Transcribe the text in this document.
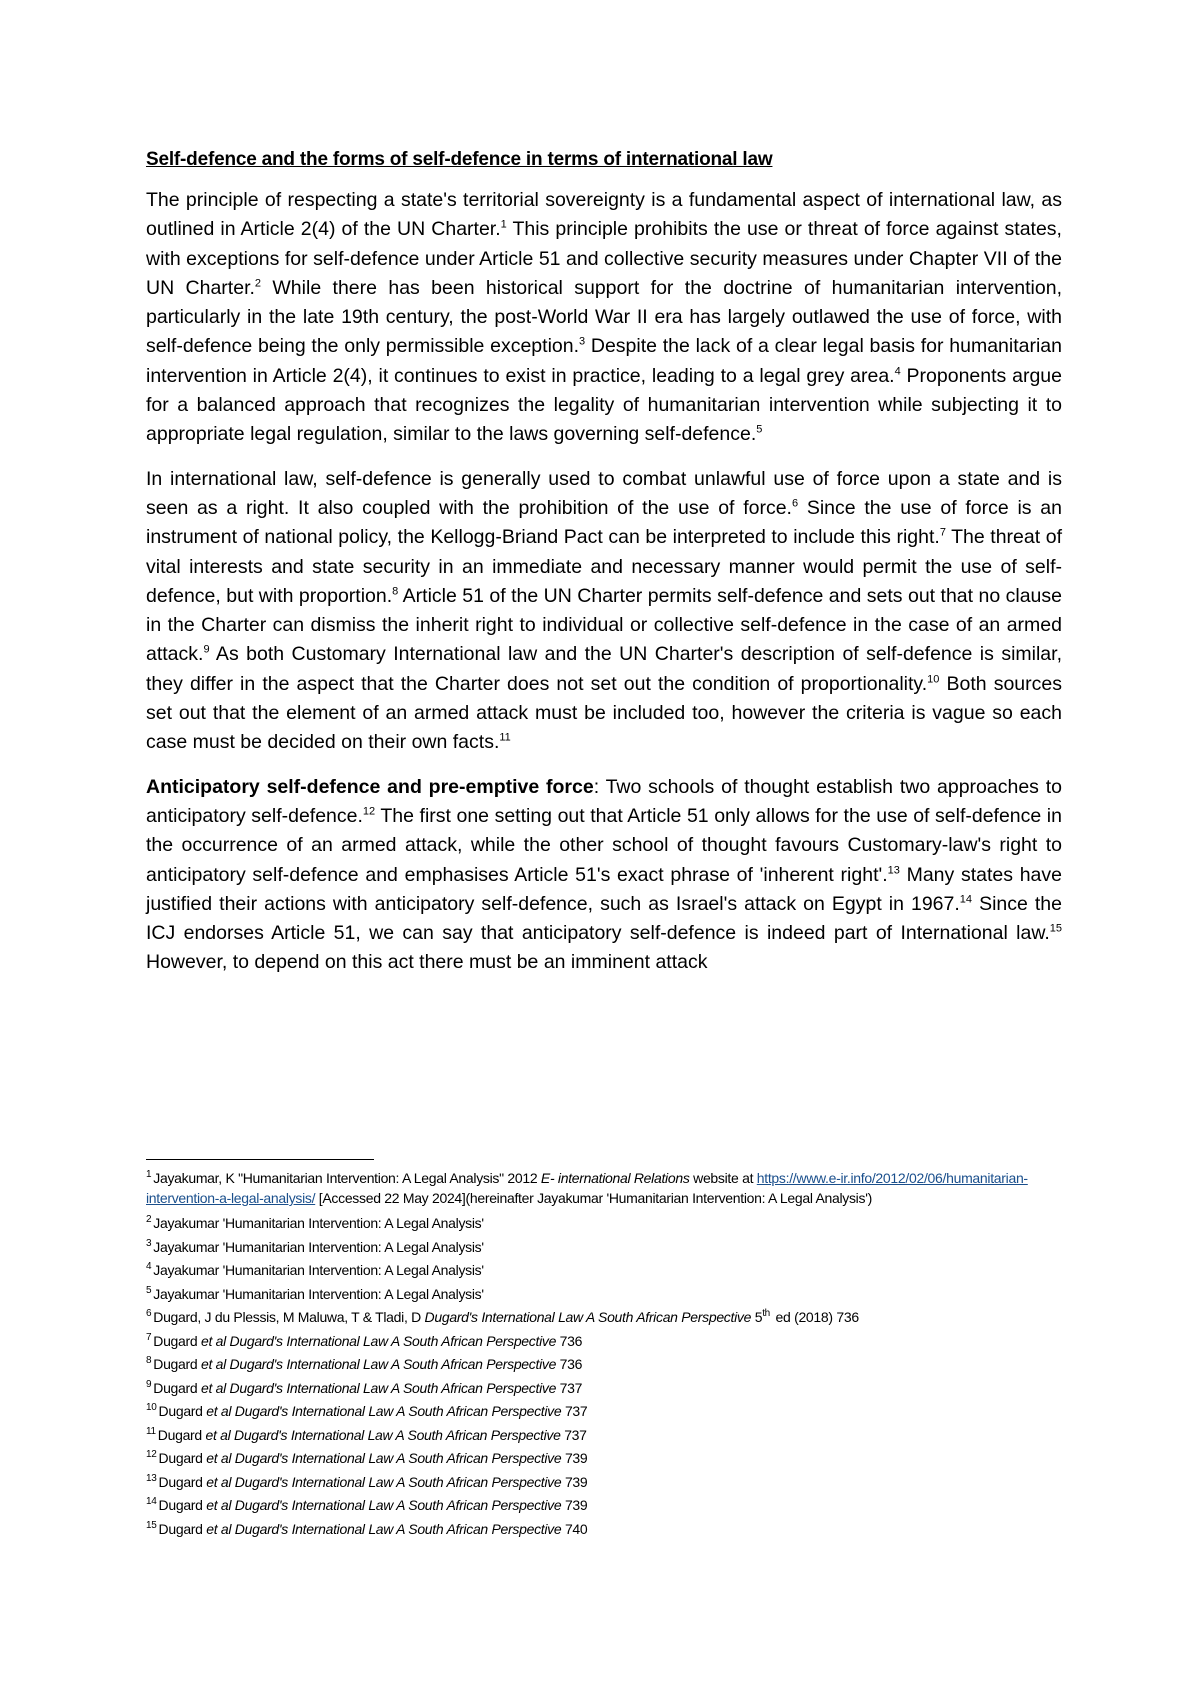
Self-defence and the forms of self-defence in terms of international law

The principle of respecting a state's territorial sovereignty is a fundamental aspect of international law, as outlined in Article 2(4) of the UN Charter.$^1$ This principle prohibits the use or threat of force against states, with exceptions for self-defence under Article 51 and collective security measures under Chapter VII of the UN Charter.$^2$ While there has been historical support for the doctrine of humanitarian intervention, particularly in the late 19th century, the post-World War II era has largely outlawed the use of force, with self-defence being the only permissible exception.$^3$ Despite the lack of a clear legal basis for humanitarian intervention in Article 2(4), it continues to exist in practice, leading to a legal grey area.$^4$ Proponents argue for a balanced approach that recognizes the legality of humanitarian intervention while subjecting it to appropriate legal regulation, similar to the laws governing self-defence.$^5$

In international law, self-defence is generally used to combat unlawful use of force upon a state and is seen as a right. It also coupled with the prohibition of the use of force.$^6$ Since the use of force is an instrument of national policy, the Kellogg-Briand Pact can be interpreted to include this right.$^7$ The threat of vital interests and state security in an immediate and necessary manner would permit the use of self-defence, but with proportion.$^8$ Article 51 of the UN Charter permits self-defence and sets out that no clause in the Charter can dismiss the inherit right to individual or collective self-defence in the case of an armed attack.$^9$ As both Customary International law and the UN Charter's description of self-defence is similar, they differ in the aspect that the Charter does not set out the condition of proportionality.$^{10}$ Both sources set out that the element of an armed attack must be included too, however the criteria is vague so each case must be decided on their own facts.$^{11}$

Anticipatory self-defence and pre-emptive force: Two schools of thought establish two approaches to anticipatory self-defence.$^{12}$ The first one setting out that Article 51 only allows for the use of self-defence in the occurrence of an armed attack, while the other school of thought favours Customary-law's right to anticipatory self-defence and emphasises Article 51's exact phrase of 'inherent right'.$^{13}$ Many states have justified their actions with anticipatory self-defence, such as Israel's attack on Egypt in 1967.14 Since the ICJ endorses Article 51, we can say that anticipatory self-defence is indeed part of International law.$^{15}$ However, to depend on this act there must be an imminent attack

$^1$ Jayakumar, K "Humanitarian Intervention: A Legal Analysis" 2012 E- international Relations website at https://www.e-ir.info/2012/02/06/humanitarian-intervention-a-legal-analysis/ [Accessed 22 May 2024](hereinafter Jayakumar 'Humanitarian Intervention: A Legal Analysis')

$^2$ Jayakumar 'Humanitarian Intervention: A Legal Analysis'

$^3$ Jayakumar 'Humanitarian Intervention: A Legal Analysis'

$^4$ Jayakumar 'Humanitarian Intervention: A Legal Analysis'

$^5$ Jayakumar 'Humanitarian Intervention: A Legal Analysis'

$^6$ Dugard, J du Plessis, M Maluwa, T & Tladi, D Dugard's International Law A South African Perspective 5th ed (2018) 736

$^7$ Dugard et al Dugard's International Law A South African Perspective 736

$^8$ Dugard et al Dugard's International Law A South African Perspective 736

$^9$ Dugard et al Dugard's International Law A South African Perspective 737

$^{10}$ Dugard et al Dugard's International Law A South African Perspective 737

$^{11}$ Dugard et al Dugard's International Law A South African Perspective 737

$^{12}$ Dugard et al Dugard's International Law A South African Perspective 739

$^{13}$ Dugard et al Dugard's International Law A South African Perspective 739

$^{14}$ Dugard et al Dugard's International Law A South African Perspective 739

$^{15}$ Dugard et al Dugard's International Law A South African Perspective 740
